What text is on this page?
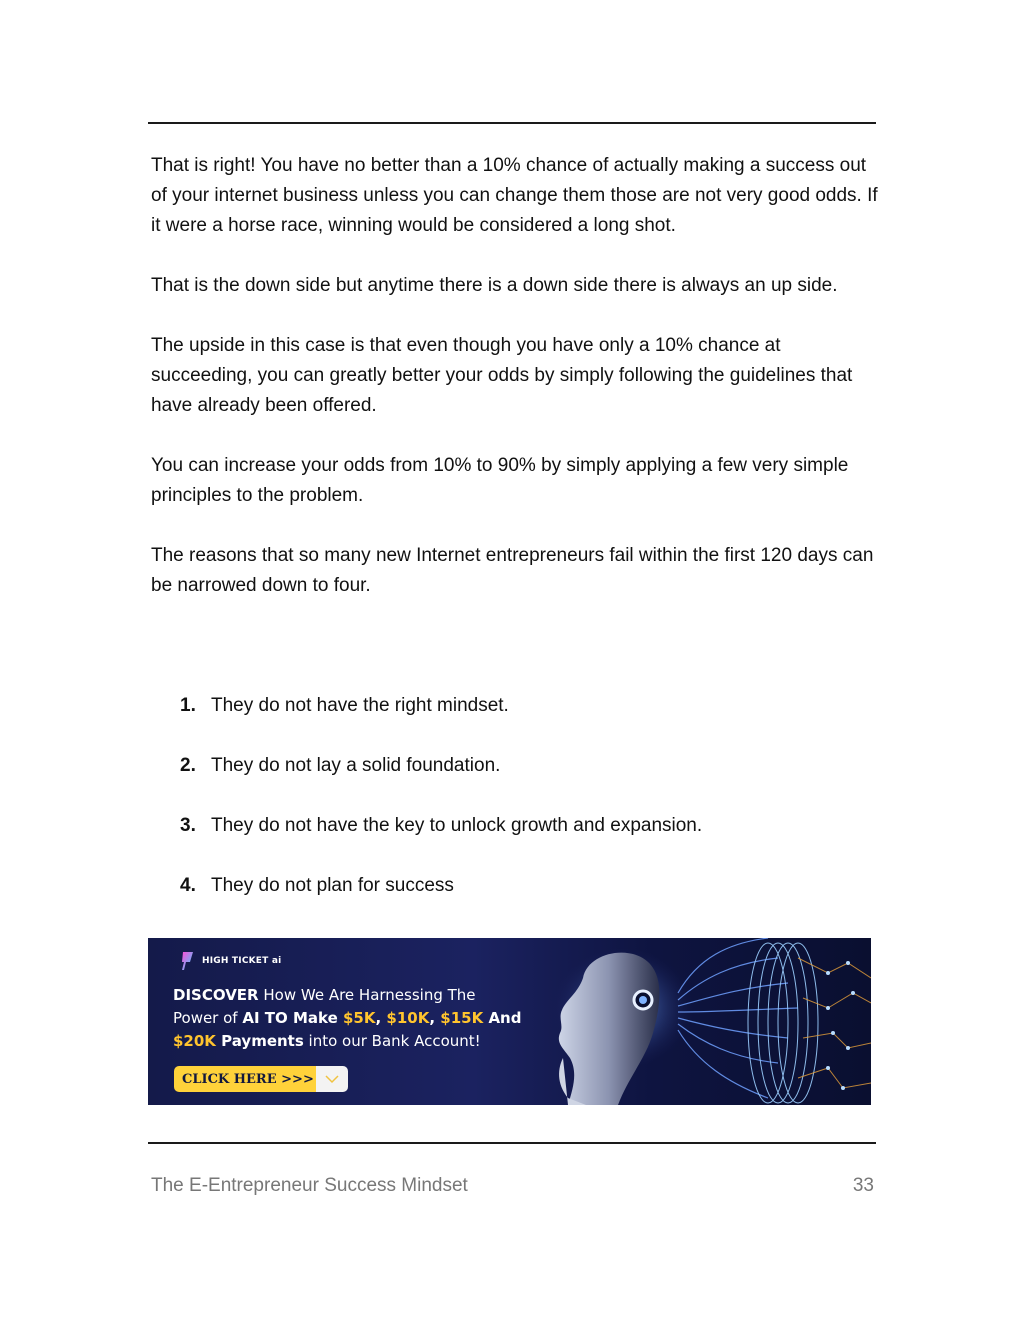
That is right! You have no better than a 10% chance of actually making a success out of your internet business unless you can change them those are not very good odds. If it were a horse race, winning would be considered a long shot.

That is the down side but anytime there is a down side there is always an up side.

The upside in this case is that even though you have only a 10% chance at succeeding, you can greatly better your odds by simply following the guidelines that have already been offered.

You can increase your odds from 10% to 90% by simply applying a few very simple principles to the problem.

The reasons that so many new Internet entrepreneurs fail within the first 120 days can be narrowed down to four.

1. They do not have the right mindset.
2. They do not lay a solid foundation.
3. They do not have the key to unlock growth and expansion.
4. They do not plan for success
HIGH TICKET ai
DISCOVER How We Are Harnessing The
Power of AI TO Make $5K, $10K, $15K And
$20K Payments into our Bank Account!
CLICK HERE >>>
The E-Entrepreneur Success Mindset	33
